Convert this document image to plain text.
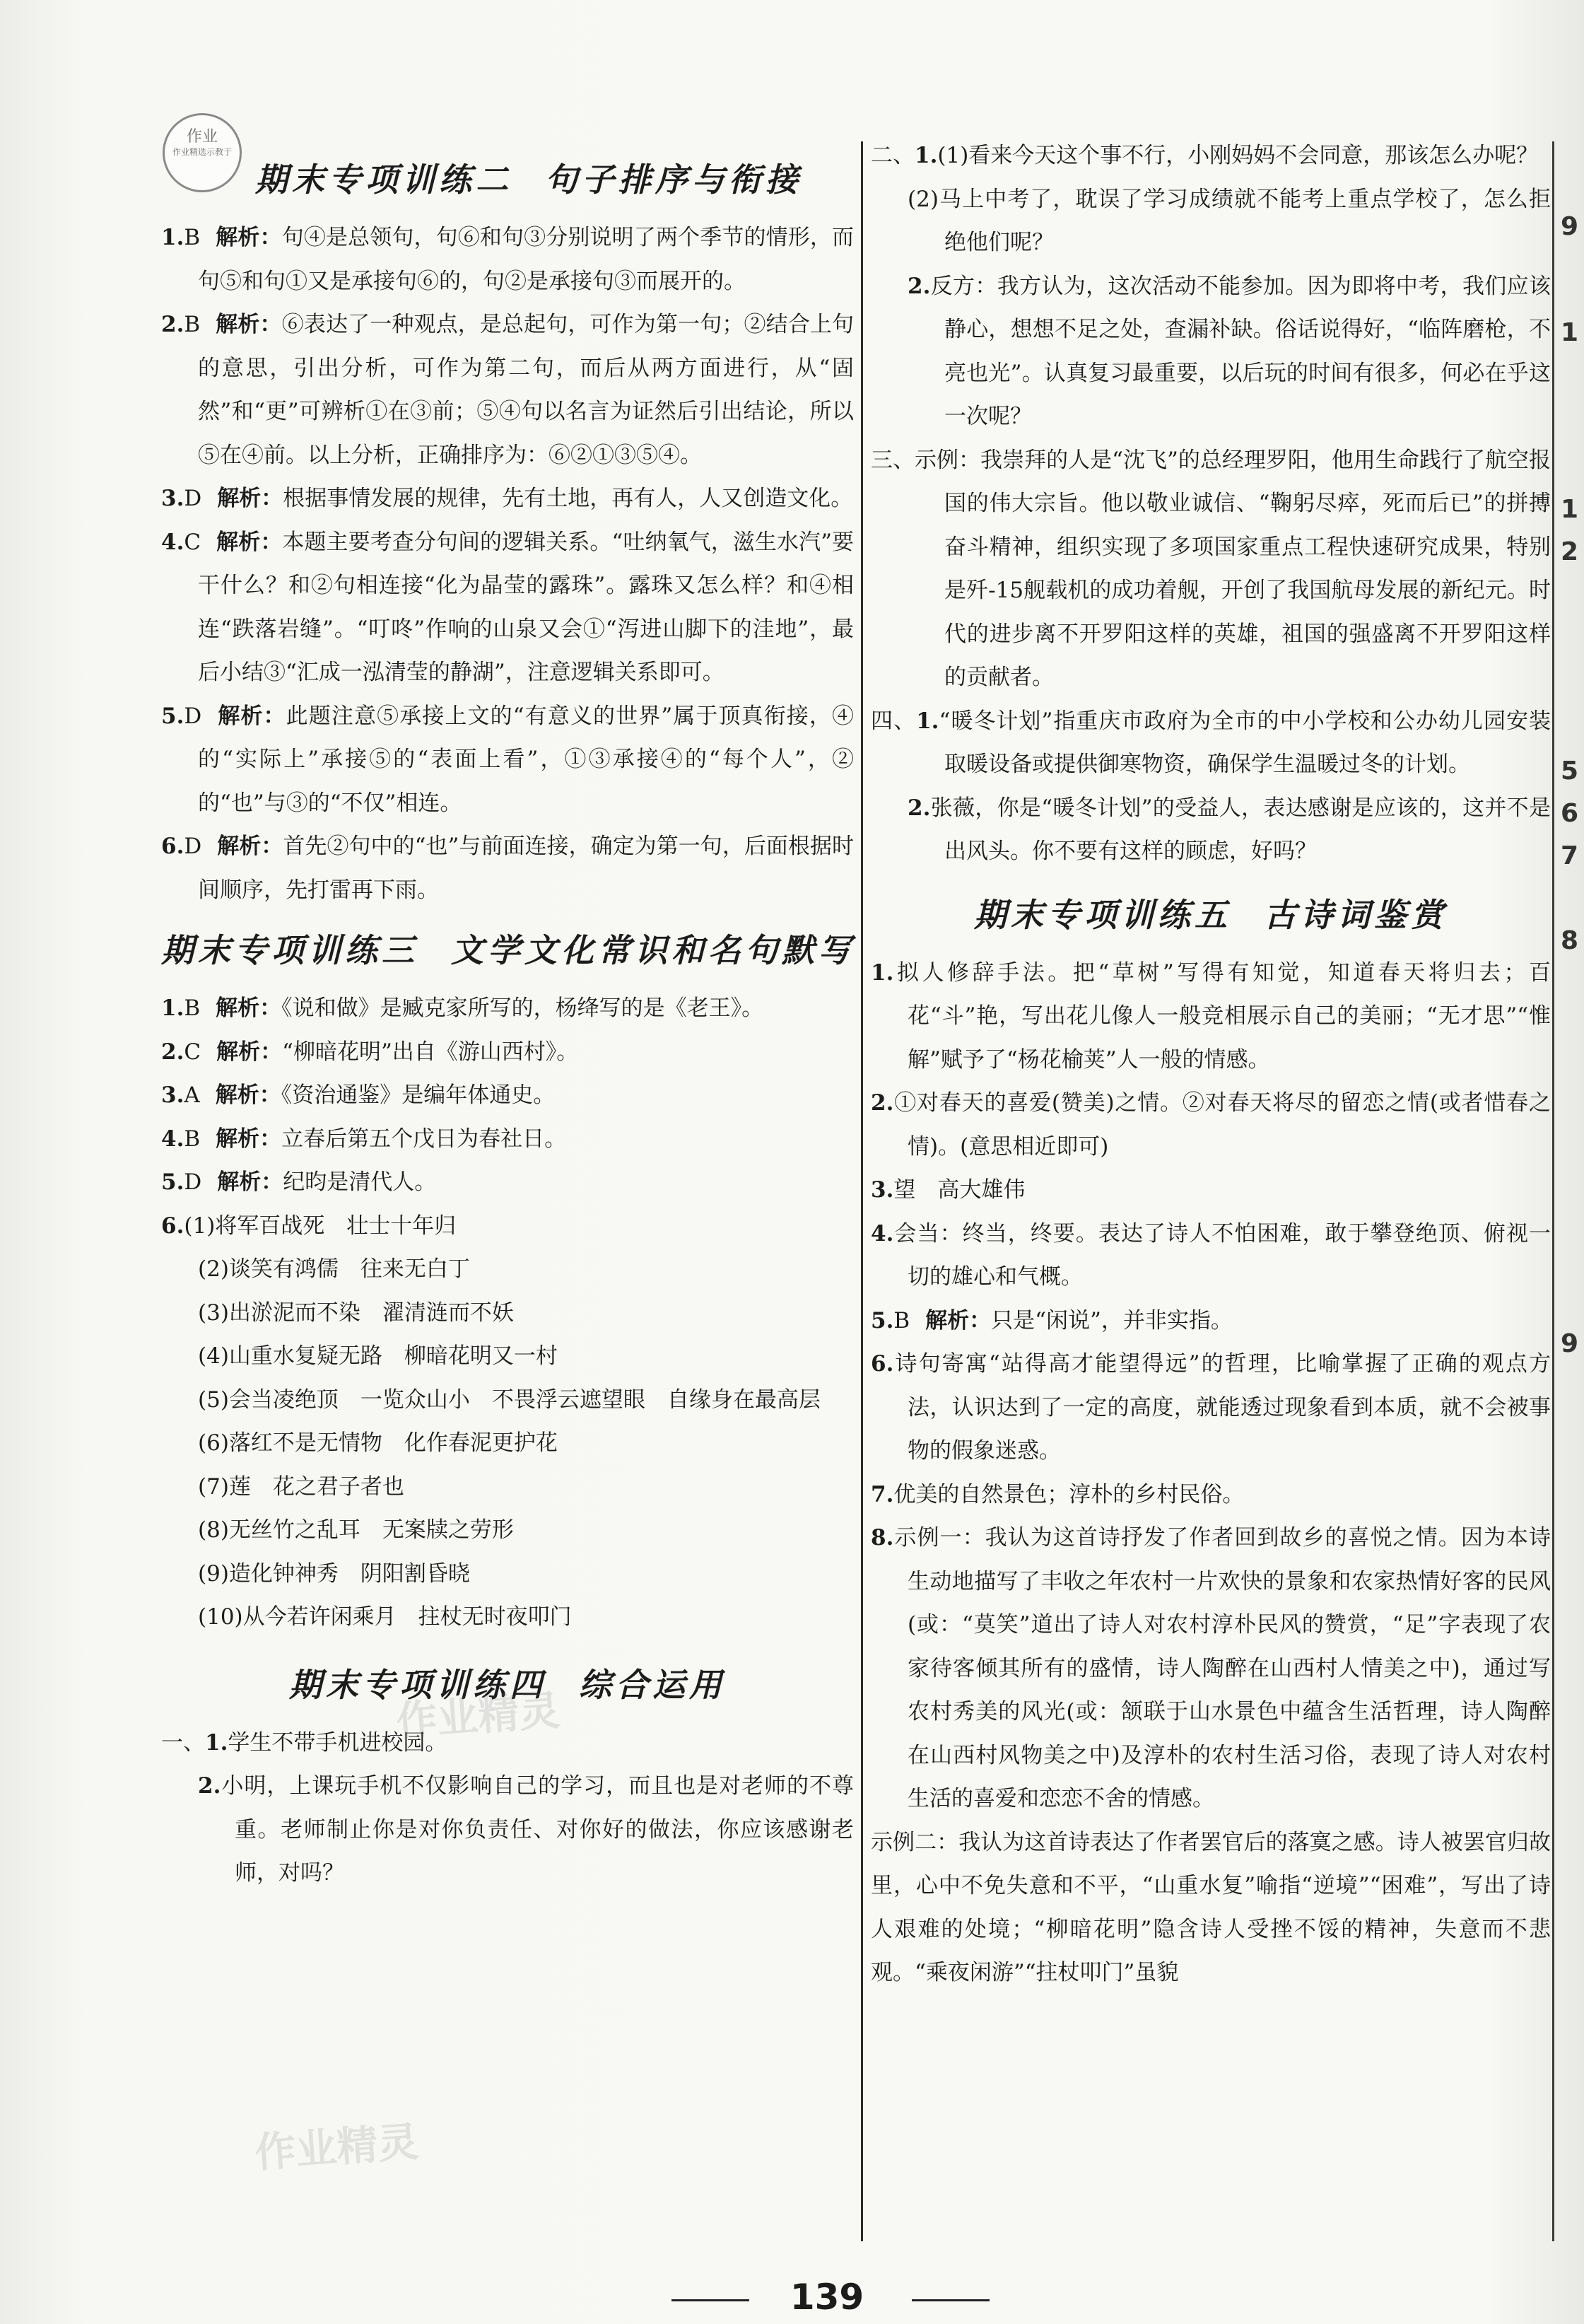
作业
作业精选示教于
期末专项训练二 句子排序与衔接
1.B 解析：句④是总领句，句⑥和句③分别说明了两个季节的情形，而句⑤和句①又是承接句⑥的，句②是承接句③而展开的。
2.B 解析：⑥表达了一种观点，是总起句，可作为第一句；②结合上句的意思，引出分析，可作为第二句，而后从两方面进行，从“固然”和“更”可辨析①在③前；⑤④句以名言为证然后引出结论，所以⑤在④前。以上分析，正确排序为：⑥②①③⑤④。
3.D 解析：根据事情发展的规律，先有土地，再有人，人又创造文化。
4.C 解析：本题主要考查分句间的逻辑关系。“吐纳氧气，滋生水汽”要干什么？和②句相连接“化为晶莹的露珠”。露珠又怎么样？和④相连“跌落岩缝”。“叮咚”作响的山泉又会①“泻进山脚下的洼地”，最后小结③“汇成一泓清莹的静湖”，注意逻辑关系即可。
5.D 解析：此题注意⑤承接上文的“有意义的世界”属于顶真衔接，④的“实际上”承接⑤的“表面上看”，①③承接④的“每个人”，②的“也”与③的“不仅”相连。
6.D 解析：首先②句中的“也”与前面连接，确定为第一句，后面根据时间顺序，先打雷再下雨。
期末专项训练三 文学文化常识和名句默写
1.B 解析：《说和做》是臧克家所写的，杨绛写的是《老王》。
2.C 解析：“柳暗花明”出自《游山西村》。
3.A 解析：《资治通鉴》是编年体通史。
4.B 解析：立春后第五个戊日为春社日。
5.D 解析：纪昀是清代人。
6.(1)将军百战死　壮士十年归
(2)谈笑有鸿儒　往来无白丁
(3)出淤泥而不染　濯清涟而不妖
(4)山重水复疑无路　柳暗花明又一村
(5)会当凌绝顶　一览众山小　不畏浮云遮望眼　自缘身在最高层
(6)落红不是无情物　化作春泥更护花
(7)莲　花之君子者也
(8)无丝竹之乱耳　无案牍之劳形
(9)造化钟神秀　阴阳割昏晓
(10)从今若许闲乘月　拄杖无时夜叩门
期末专项训练四 综合运用
一、1.学生不带手机进校园。
2.小明，上课玩手机不仅影响自己的学习，而且也是对老师的不尊重。老师制止你是对你负责任、对你好的做法，你应该感谢老师，对吗？
二、1.(1)看来今天这个事不行，小刚妈妈不会同意，那该怎么办呢？
(2)马上中考了，耽误了学习成绩就不能考上重点学校了，怎么拒绝他们呢？
2.反方：我方认为，这次活动不能参加。因为即将中考，我们应该静心，想想不足之处，查漏补缺。俗话说得好，“临阵磨枪，不亮也光”。认真复习最重要，以后玩的时间有很多，何必在乎这一次呢？
三、示例：我崇拜的人是“沈飞”的总经理罗阳，他用生命践行了航空报国的伟大宗旨。他以敬业诚信、“鞠躬尽瘁，死而后已”的拼搏奋斗精神，组织实现了多项国家重点工程快速研究成果，特别是歼-15舰载机的成功着舰，开创了我国航母发展的新纪元。时代的进步离不开罗阳这样的英雄，祖国的强盛离不开罗阳这样的贡献者。
四、1.“暖冬计划”指重庆市政府为全市的中小学校和公办幼儿园安装取暖设备或提供御寒物资，确保学生温暖过冬的计划。
2.张薇，你是“暖冬计划”的受益人，表达感谢是应该的，这并不是出风头。你不要有这样的顾虑，好吗？
期末专项训练五 古诗词鉴赏
1.拟人修辞手法。把“草树”写得有知觉，知道春天将归去；百花“斗”艳，写出花儿像人一般竞相展示自己的美丽；“无才思”“惟解”赋予了“杨花榆荚”人一般的情感。
2.①对春天的喜爱(赞美)之情。②对春天将尽的留恋之情(或者惜春之情)。(意思相近即可)
3.望　高大雄伟
4.会当：终当，终要。表达了诗人不怕困难，敢于攀登绝顶、俯视一切的雄心和气概。
5.B 解析：只是“闲说”，并非实指。
6.诗句寄寓“站得高才能望得远”的哲理，比喻掌握了正确的观点方法，认识达到了一定的高度，就能透过现象看到本质，就不会被事物的假象迷惑。
7.优美的自然景色；淳朴的乡村民俗。
8.示例一：我认为这首诗抒发了作者回到故乡的喜悦之情。因为本诗生动地描写了丰收之年农村一片欢快的景象和农家热情好客的民风(或：“莫笑”道出了诗人对农村淳朴民风的赞赏，“足”字表现了农家待客倾其所有的盛情，诗人陶醉在山西村人情美之中)，通过写农村秀美的风光(或：颔联于山水景色中蕴含生活哲理，诗人陶醉在山西村风物美之中)及淳朴的农村生活习俗，表现了诗人对农村生活的喜爱和恋恋不舍的情感。
示例二：我认为这首诗表达了作者罢官后的落寞之感。诗人被罢官归故里，心中不免失意和不平，“山重水复”喻指“逆境”“困难”，写出了诗人艰难的处境；“柳暗花明”隐含诗人受挫不馁的精神，失意而不悲观。“乘夜闲游”“拄杖叩门”虽貌
139
9
1
1
2
5
6
7
8
9
作业精灵
作业精灵
